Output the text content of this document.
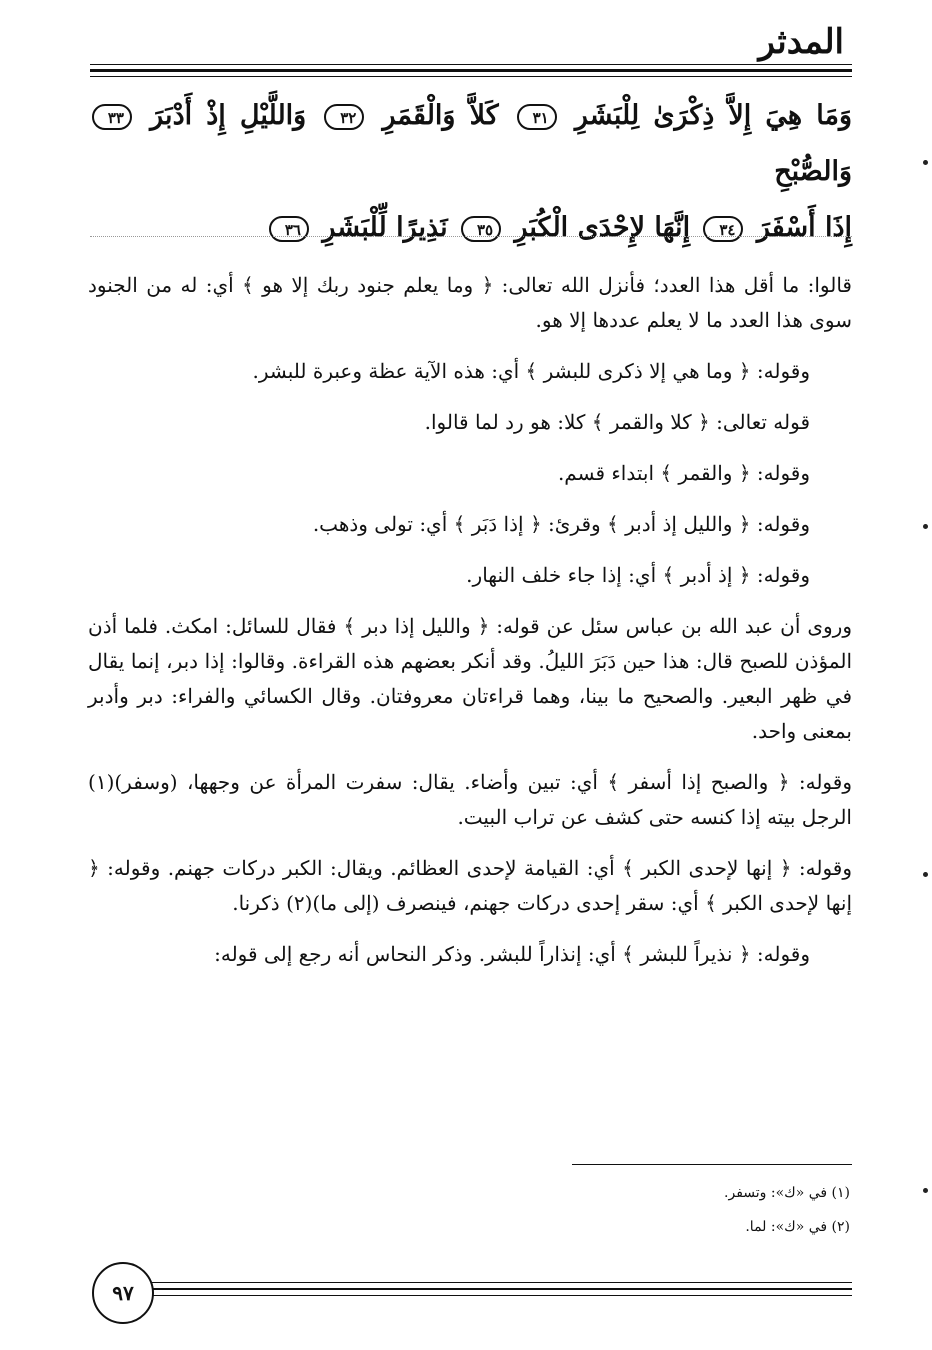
المدثر
وَمَا هِيَ إِلاَّ ذِكْرَىٰ لِلْبَشَرِ ٣١ كَلاَّ وَالْقَمَرِ ٣٢ وَاللَّيْلِ إِذْ أَدْبَرَ ٣٣ وَالصُّبْحِ
إِذَا أَسْفَرَ ٣٤ إِنَّهَا لإِحْدَى الْكُبَرِ ٣٥ نَذِيرًا لِّلْبَشَرِ ٣٦

قالوا: ما أقل هذا العدد؛ فأنزل الله تعالى: ﴿ وما يعلم جنود ربك إلا هو ﴾ أي: له من الجنود سوى هذا العدد ما لا يعلم عددها إلا هو.

وقوله: ﴿ وما هي إلا ذكرى للبشر ﴾ أي: هذه الآية عظة وعبرة للبشر.

قوله تعالى: ﴿ كلا والقمر ﴾ كلا: هو رد لما قالوا.

وقوله: ﴿ والقمر ﴾ ابتداء قسم.

وقوله: ﴿ والليل إذ أدبر ﴾ وقرئ: ﴿ إذا دَبَر ﴾ أي: تولى وذهب.

وقوله: ﴿ إذ أدبر ﴾ أي: إذا جاء خلف النهار.

وروى أن عبد الله بن عباس سئل عن قوله: ﴿ والليل إذا دبر ﴾ فقال للسائل: امكث. فلما أذن المؤذن للصبح قال: هذا حين دَبَرَ الليلُ. وقد أنكر بعضهم هذه القراءة. وقالوا: إذا دبر، إنما يقال في ظهر البعير. والصحيح ما بينا، وهما قراءتان معروفتان. وقال الكسائي والفراء: دبر وأدبر بمعنى واحد.

وقوله: ﴿ والصبح إذا أسفر ﴾ أي: تبين وأضاء. يقال: سفرت المرأة عن وجهها، (وسفر)(١) الرجل بيته إذا كنسه حتى كشف عن تراب البيت.

وقوله: ﴿ إنها لإحدى الكبر ﴾ أي: القيامة لإحدى العظائم. ويقال: الكبر دركات جهنم. وقوله: ﴿ إنها لإحدى الكبر ﴾ أي: سقر إحدى دركات جهنم، فينصرف (إلى ما)(٢) ذكرنا.

وقوله: ﴿ نذيراً للبشر ﴾ أي: إنذاراً للبشر. وذكر النحاس أنه رجع إلى قوله:

(١) في «ك»: وتسفر.
(٢) في «ك»: لما.
٩٧
